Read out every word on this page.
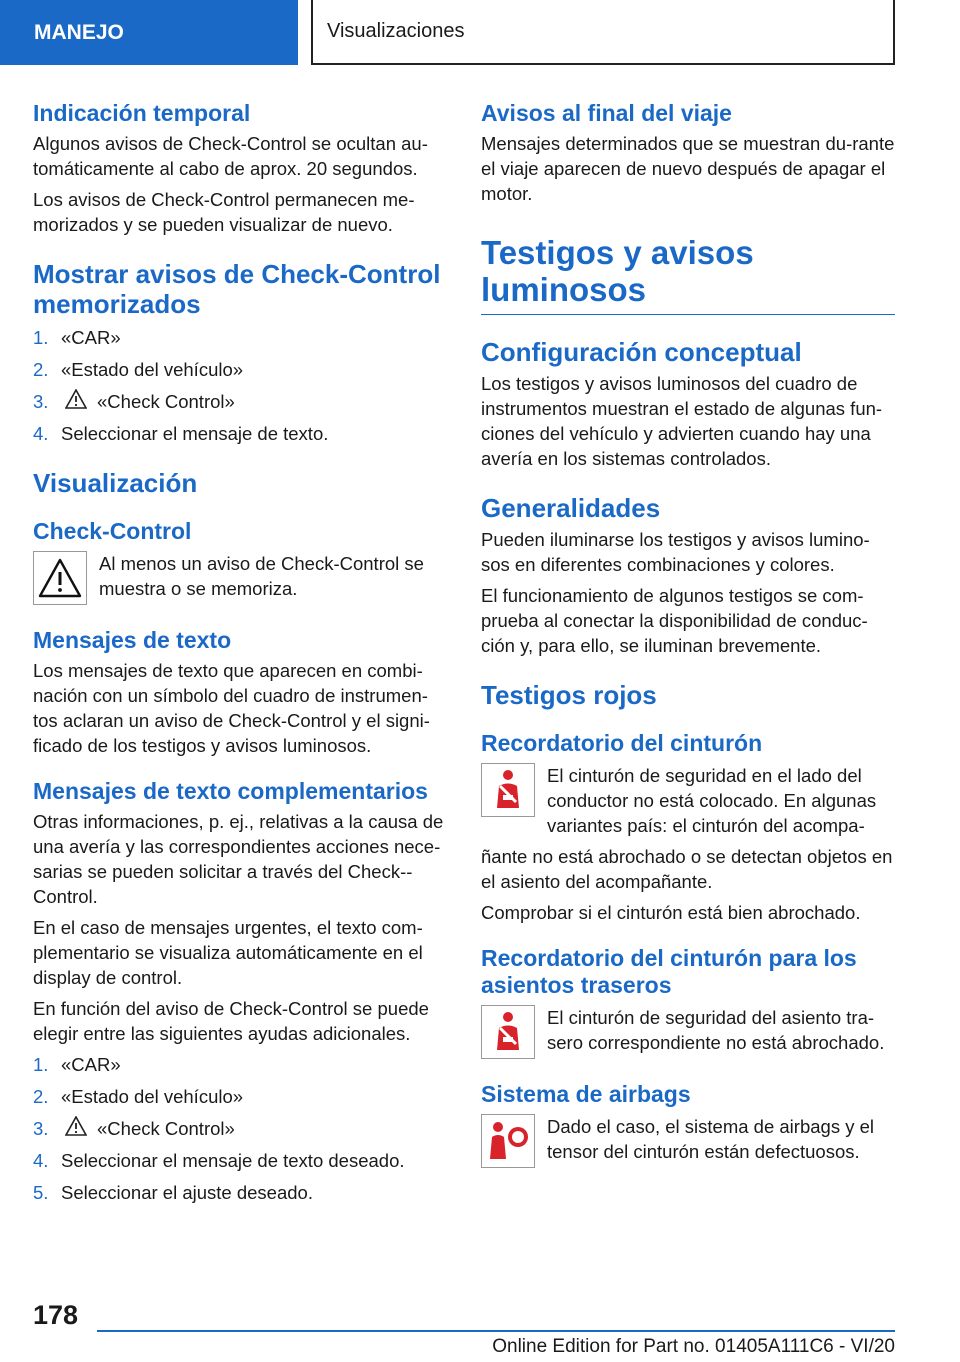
MANEJO	Visualizaciones
Indicación temporal

Algunos avisos de Check-Control se ocultan au-tomáticamente al cabo de aprox. 20 segundos.

Los avisos de Check-Control permanecen me-morizados y se pueden visualizar de nuevo.

Mostrar avisos de Check-Control memorizados
1. «CAR»
2. «Estado del vehículo»
3.	«Check Control»
4. Seleccionar el mensaje de texto.
Visualización
Check-Control

Al menos un aviso de Check-Control se muestra o se memoriza.

Mensajes de texto

Los mensajes de texto que aparecen en combi-nación con un símbolo del cuadro de instrumen-tos aclaran un aviso de Check-Control y el signi-ficado de los testigos y avisos luminosos.

Mensajes de texto complementarios

Otras informaciones, p. ej., relativas a la causa de una avería y las correspondientes acciones nece-sarias se pueden solicitar a través del Check--Control.

En el caso de mensajes urgentes, el texto com-plementario se visualiza automáticamente en el display de control.

En función del aviso de Check-Control se puede elegir entre las siguientes ayudas adicionales.

1. «CAR»
2. «Estado del vehículo»
3.	«Check Control»
4. Seleccionar el mensaje de texto deseado.
5. Seleccionar el ajuste deseado.
Avisos al final del viaje

Mensajes determinados que se muestran du-rante el viaje aparecen de nuevo después de apagar el motor.

Testigos y avisos luminosos
Configuración conceptual

Los testigos y avisos luminosos del cuadro de instrumentos muestran el estado de algunas fun-ciones del vehículo y advierten cuando hay una avería en los sistemas controlados.

Generalidades

Pueden iluminarse los testigos y avisos lumino-sos en diferentes combinaciones y colores.

El funcionamiento de algunos testigos se com-prueba al conectar la disponibilidad de conduc-ción y, para ello, se iluminan brevemente.

Testigos rojos
Recordatorio del cinturón

El cinturón de seguridad en el lado del conductor no está colocado. En algunas variantes país: el cinturón del acompa-

ñante no está abrochado o se detectan objetos en el asiento del acompañante.

Comprobar si el cinturón está bien abrochado.

Recordatorio del cinturón para los asientos traseros

El cinturón de seguridad del asiento tra-sero correspondiente no está abrochado.

Sistema de airbags

Dado el caso, el sistema de airbags y el tensor del cinturón están defectuosos.

178
Online Edition for Part no. 01405A111C6 - VI/20
